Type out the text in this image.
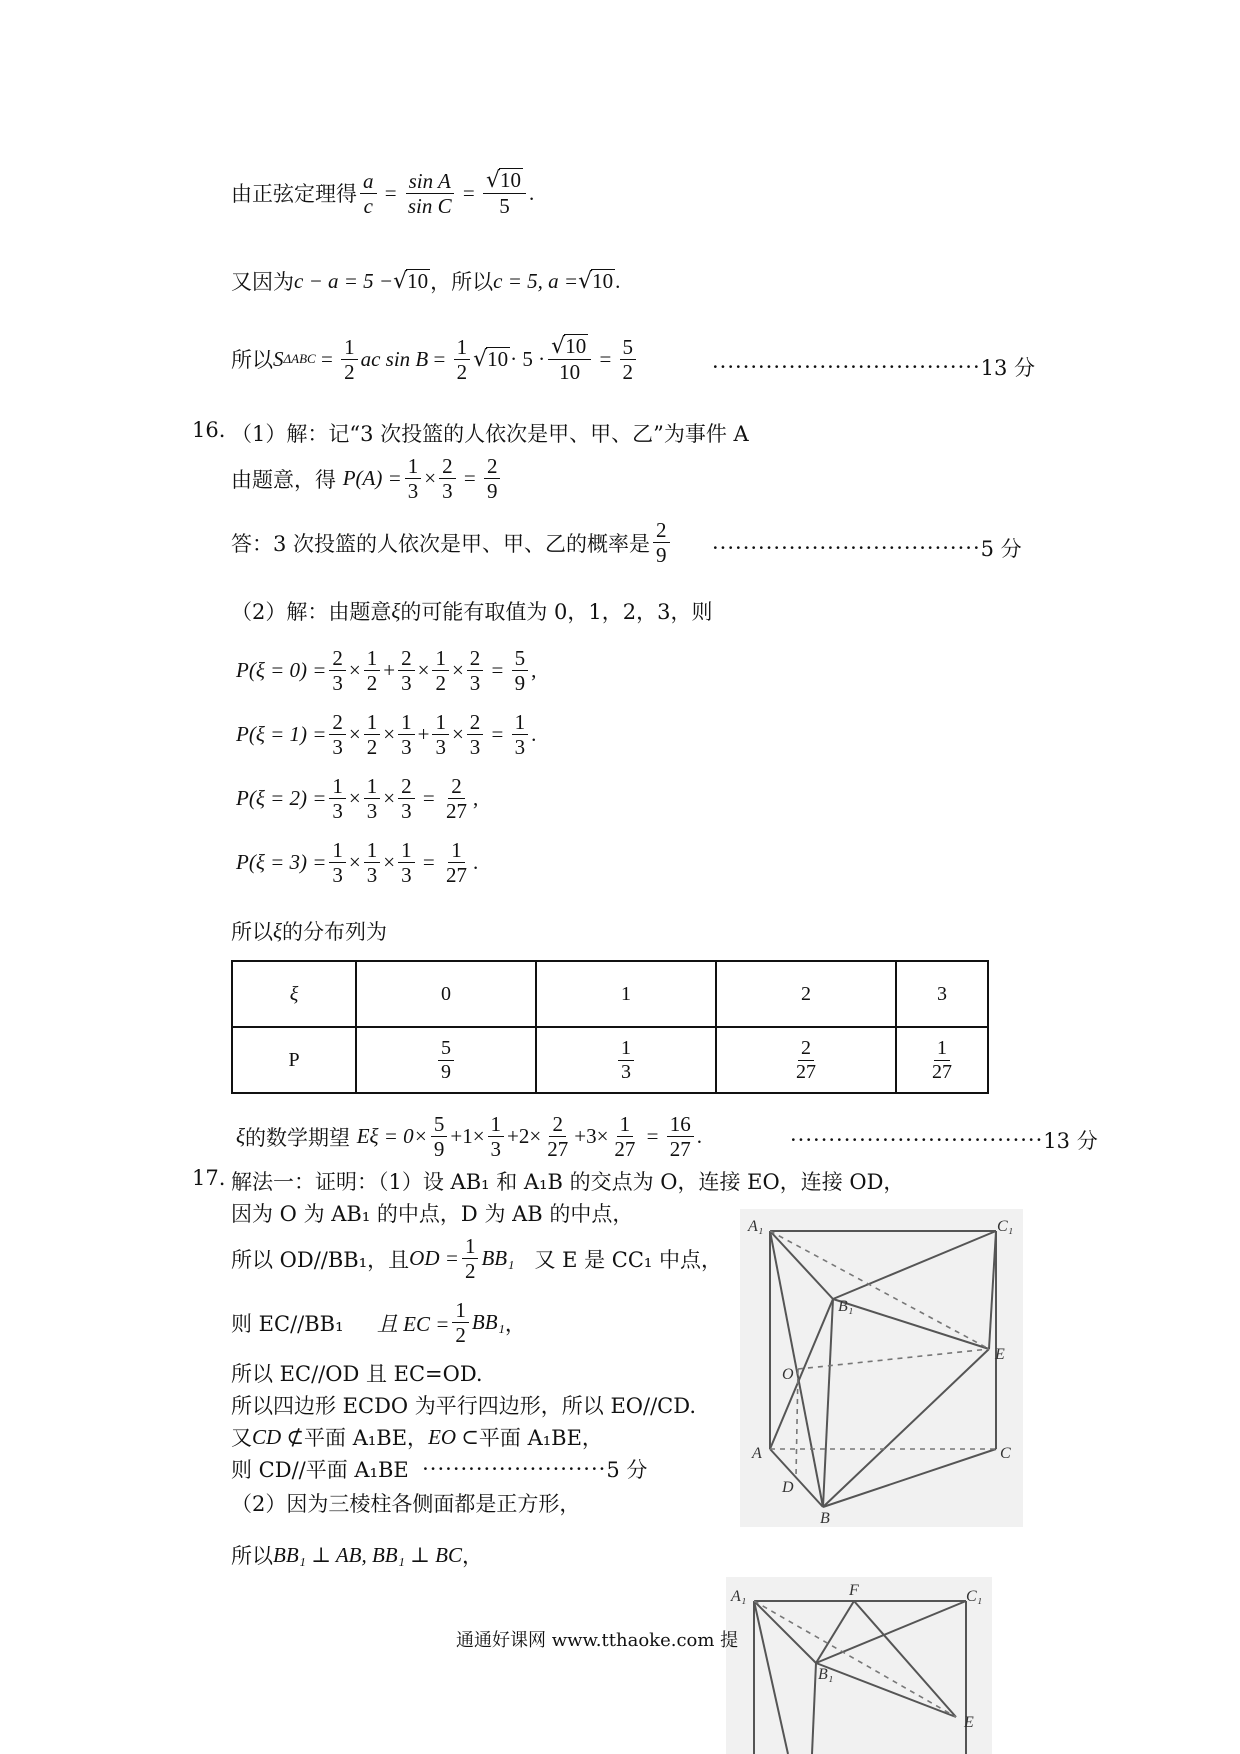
由正弦定理得 $\frac{a}{c} = \frac{\text{sin A}}{\text{sin C}} = \frac{√10}{5}$ .
又因为 c − a = 5 − √ 10 ，所以 c = 5, a = √ 10 .
所以 S $\Delta ABC = \frac{1}{2}$ ac $\sin B = \frac{1}{2}$ √ $10 \cdot 5 \cdot \frac{√10}{10} = \frac{5}{2}$	··································· 13 分
16. （1）解：记“3 次投篮的人依次是甲、甲、乙”为事件 A
由题意，得
$P(A) = \frac{1}{3} \times \frac{2}{3} = \frac{2}{9}$
答：3 次投篮的人依次是甲、甲、乙的概率是 $\frac{2}{9}$ ··································· 5 分
（2）解：由题意 ξ 的可能有取值为 0，1，2，3，则
$P(\xi = 0) = \frac{2}{3} \times \frac{1}{2} + \frac{2}{3} \times \frac{1}{2} \times \frac{2}{3} = \frac{5}{9}$ ,
$P(\xi = 1) = \frac{2}{3} \times \frac{1}{2} \times \frac{1}{3} + \frac{1}{3} \times \frac{2}{3} = \frac{1}{3}$ .
$P(\xi = 2) = \frac{1}{3} \times \frac{1}{3} \times \frac{2}{3} = \frac{2}{27}$ ,
$P(\xi = 3) = \frac{1}{3} \times \frac{1}{3} \times \frac{1}{3} = \frac{1}{27}$ .
所以 ξ 的分布列为
ξ	0	1	2	3
P	$\frac{5}{9}$	$\frac{1}{3}$	$\frac{2}{27}$	$\frac{1}{27}$
ξ 的数学期望
$E\xi = 0\times \frac{5}{9} +1\times \frac{1}{3} +2\times \frac{2}{27} +3\times \frac{1}{27} = \frac{16}{27}$ .	································· 13 分
17. 解法一：证明：（1）设 AB₁ 和 A₁B 的交点为 O，连接 EO，连接 OD，
因为 O 为 AB₁ 的中点，D 为 AB 的中点，
所以 OD//BB₁，且 OD = $\frac{1}{2} BB_1$
又 E 是 CC₁ 中点，
则 EC//BB₁
且 EC = $\frac{1}{2} BB_1$ ，
所以 EC//OD 且 EC=OD.
所以四边形 ECDO 为平行四边形，所以 EO//CD.
又 CD ⊄ 平面 A₁BE， EO ⊂ 平面 A₁BE，
则 CD//平面 A₁BE
························ 5 分
（2）因为三棱柱各侧面都是正方形，
所以 BB₁ ⊥ AB, BB₁ ⊥ BC ，
A₁	C₁
B₁
O
E
A	C
D
B
A₁	F	C₁
B₁
E
通通好课网 www.tthaoke.com 提
